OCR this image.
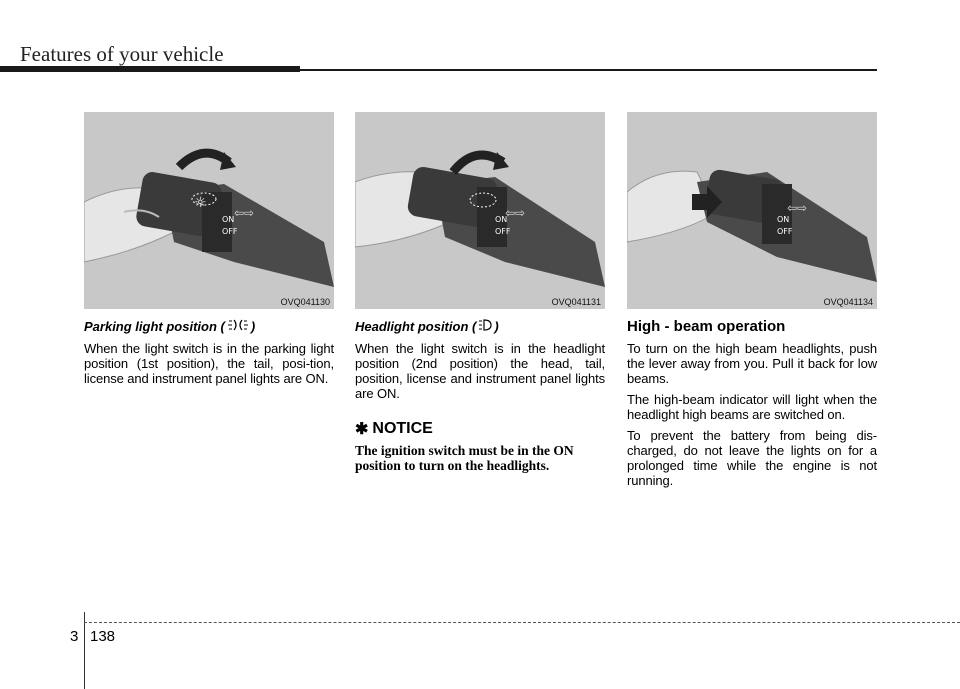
Features of your vehicle
☼
⇦⇨
ON
OFF
OVQ041130
⇦⇨
ON
OFF
OVQ041131
⇦⇨
ON
OFF
OVQ041134
Parking light position ( )

When the light switch is in the parking light position (1st position), the tail, posi-tion, license and instrument panel lights are ON.

Headlight position ( )

When the light switch is in the headlight position (2nd position) the head, tail, position, license and instrument panel lights are ON.

✱ NOTICE

The ignition switch must be in the ON position to turn on the headlights.

High - beam operation

To turn on the high beam headlights, push the lever away from you. Pull it back for low beams.

The high-beam indicator will light when the headlight high beams are switched on.

To prevent the battery from being dis-charged, do not leave the lights on for a prolonged time while the engine is not running.

3 138
